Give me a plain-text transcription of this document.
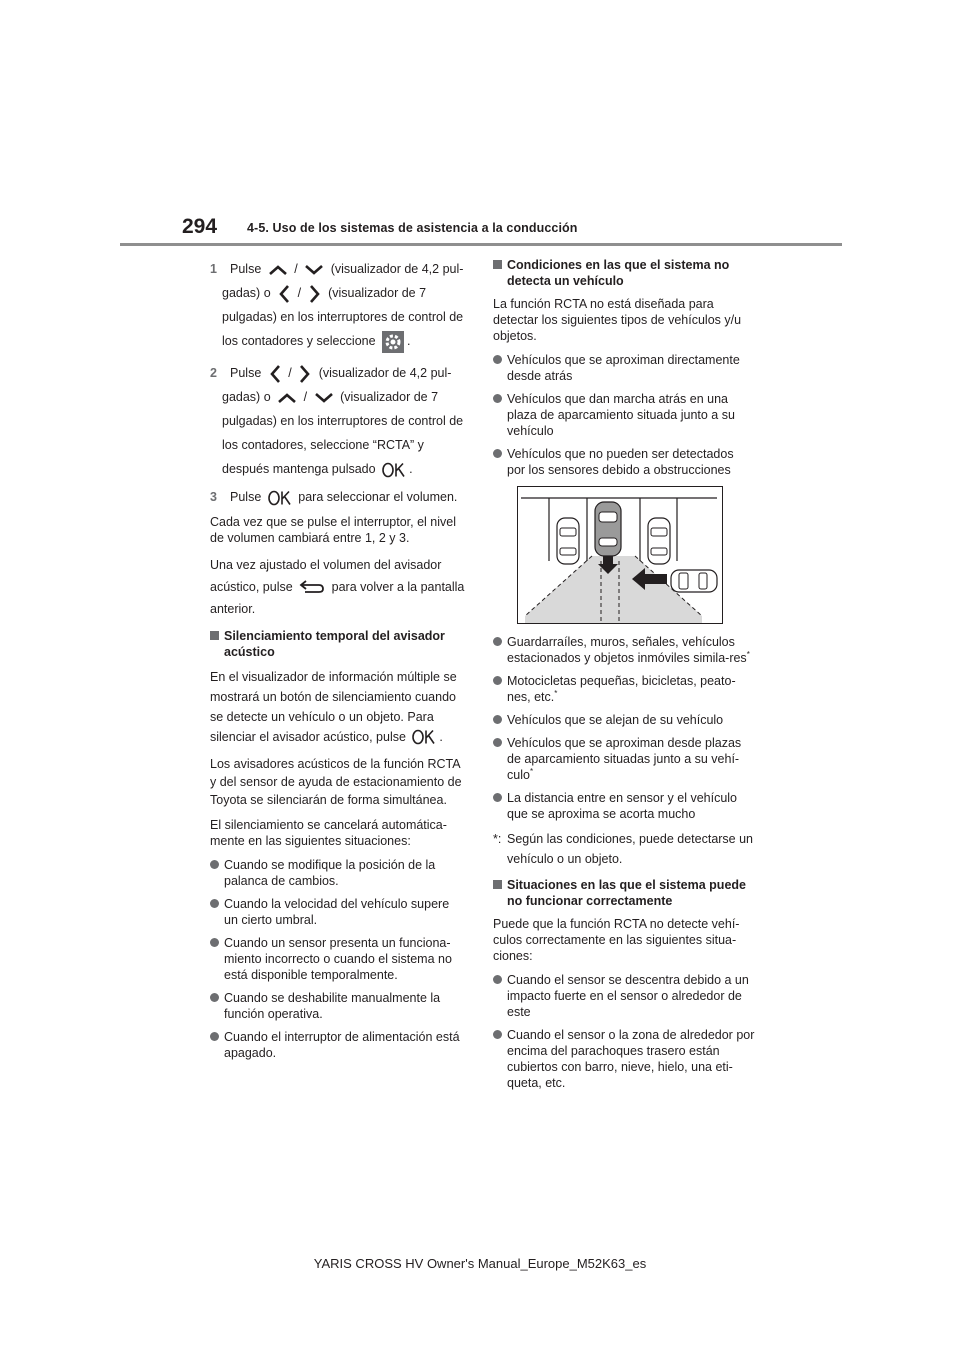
294 4-5. Uso de los sistemas de asistencia a la conducción

1 Pulse	/	(visualizador de 4,2 pul-gadas) o / (visualizador de 7 pulgadas) en los interruptores de control de los contadores y seleccione	.

2 Pulse / (visualizador de 4,2 pul-gadas) o	/	(visualizador de 7 pulgadas) en los interruptores de control de los contadores, seleccione “RCTA” y después mantenga pulsado	.

3 Pulse	para seleccionar el volumen.

Cada vez que se pulse el interruptor, el nivel de volumen cambiará entre 1, 2 y 3.

Una vez ajustado el volumen del avisador acústico, pulse	para volver a la pantalla anterior.

Silenciamiento temporal del avisador acústico

En el visualizador de información múltiple se mostrará un botón de silenciamiento cuando se detecte un vehículo o un objeto. Para silenciar el avisador acústico, pulse	.

Los avisadores acústicos de la función RCTA y del sensor de ayuda de estacionamiento de Toyota se silenciarán de forma simultánea.

El silenciamiento se cancelará automática-mente en las siguientes situaciones:

Cuando se modifique la posición de la palanca de cambios.

Cuando la velocidad del vehículo supere un cierto umbral.

Cuando un sensor presenta un funciona-miento incorrecto o cuando el sistema no está disponible temporalmente.

Cuando se deshabilite manualmente la función operativa.

Cuando el interruptor de alimentación está apagado.

Condiciones en las que el sistema no detecta un vehículo

La función RCTA no está diseñada para detectar los siguientes tipos de vehículos y/u objetos.

Vehículos que se aproximan directamente desde atrás

Vehículos que dan marcha atrás en una plaza de aparcamiento situada junto a su vehículo

Vehículos que no pueden ser detectados por los sensores debido a obstrucciones

Guardarraíles, muros, señales, vehículos estacionados y objetos inmóviles simila-res*

Motocicletas pequeñas, bicicletas, peato-nes, etc.*

Vehículos que se alejan de su vehículo

Vehículos que se aproximan desde plazas de aparcamiento situadas junto a su vehí-culo*

La distancia entre en sensor y el vehículo que se aproxima se acorta mucho

*: Según las condiciones, puede detectarse un vehículo o un objeto.

Situaciones en las que el sistema puede no funcionar correctamente

Puede que la función RCTA no detecte vehí-culos correctamente en las siguientes situa-ciones:

Cuando el sensor se descentra debido a un impacto fuerte en el sensor o alrededor de este

Cuando el sensor o la zona de alrededor por encima del parachoques trasero están cubiertos con barro, nieve, hielo, una eti-queta, etc.

YARIS CROSS HV Owner's Manual_Europe_M52K63_es
